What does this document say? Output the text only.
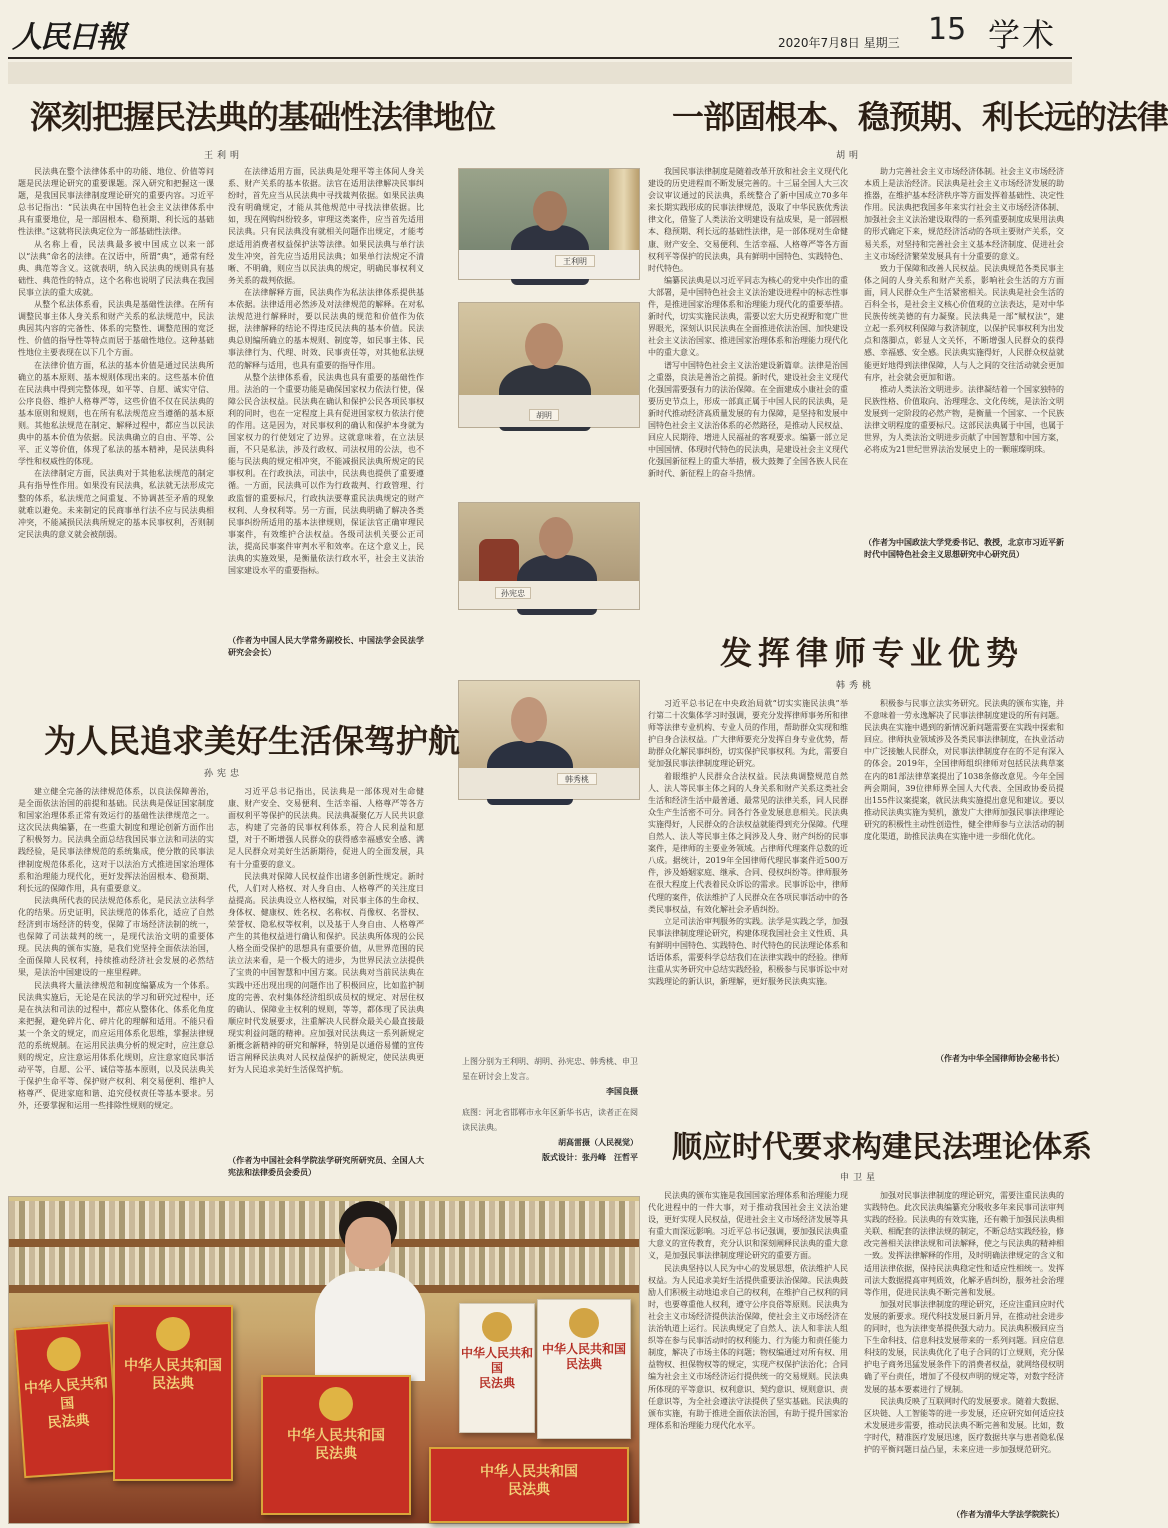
人民日報	2020年7月8日 星期三 15 学术
深刻把握民法典的基础性法律地位
王利明

民法典在整个法律体系中的功能、地位、价值等问题是民法理论研究的重要课题。深入研究和把握这一课题，是我国民事法律制度理论研究的重要内容。习近平总书记指出：“民法典在中国特色社会主义法律体系中具有重要地位，是一部固根本、稳预期、利长远的基础性法律。”这就将民法典定位为一部基础性法律。

从名称上看，民法典最多被中国成立以来一部以“法典”命名的法律。在汉语中，所谓“典”，通常有经典、典范等含义。这就表明，纳入民法典的规则具有基础性、典范性的特点，这个名称也说明了民法典在我国民事立法的重大成就。

从整个私法体系看，民法典是基础性法律。在所有调整民事主体人身关系和财产关系的私法规范中，民法典因其内容的完备性、体系的完整性、调整范围的宽泛性、价值的指导性等特点而居于基础性地位。这种基础性地位主要表现在以下几个方面。

在法律价值方面，私法的基本价值是通过民法典所确立的基本原则、基本规则体现出来的。这些基本价值在民法典中得到完整体现，如平等、自愿、诚实守信、公序良俗、维护人格尊严等，这些价值不仅在民法典的基本原则和规则，也在所有私法规范应当遵循的基本原则。其他私法规范在制定、解释过程中，都应当以民法典中的基本价值为依据。民法典确立的自由、平等、公平、正义等价值，体现了私法的基本精神，是民法典科学性和权威性的体现。

在法律制定方面，民法典对于其他私法规范的制定具有指导性作用。如果没有民法典，私法就无法形成完整的体系，私法规范之间重复、不协调甚至矛盾的现象就难以避免。未来制定的民商事单行法不应与民法典相冲突，不能减损民法典所规定的基本民事权利，否则制定民法典的意义就会被削弱。

在法律适用方面，民法典是处理平等主体间人身关系、财产关系的基本依据。法官在适用法律解决民事纠纷时，首先应当从民法典中寻找裁判依据。如果民法典没有明确规定，才能从其他规范中寻找法律依据。比如，现在网购纠纷较多，审理这类案件，应当首先适用民法典。只有民法典没有就相关问题作出规定，才能考虑适用消费者权益保护法等法律。如果民法典与单行法发生冲突，首先应当适用民法典；如果单行法规定不清晰、不明确，则应当以民法典的规定，明确民事权利义务关系的裁判依据。

在法律解释方面，民法典作为私法法律体系提供基本依据。法律适用必然涉及对法律规范的解释。在对私法规范进行解释时，要以民法典的规范和价值作为依据，法律解释的结论不得违反民法典的基本价值。民法典总则编所确立的基本规则、制度等，如民事主体、民事法律行为、代理、时效、民事责任等，对其他私法规范的解释与适用，也具有重要的指导作用。

从整个法律体系看，民法典也具有重要的基础性作用。法治的一个重要功能是确保国家权力依法行使，保障公民合法权益。民法典在确认和保护公民各项民事权利的同时，也在一定程度上具有促进国家权力依法行使的作用。这是因为，对民事权利的确认和保护本身就为国家权力的行使划定了边界。这就意味着，在立法层面，不只是私法，涉及行政权、司法权用的公法，也不能与民法典的规定相冲突，不能减损民法典所规定的民事权利。在行政执法，司法中，民法典也提供了重要遵循。一方面，民法典可以作为行政裁判、行政管理、行政监督的重要标尺，行政执法要尊重民法典规定的财产权利、人身权利等。另一方面，民法典明确了解决各类民事纠纷所适用的基本法律规则，保证法官正确审理民事案件，有效维护合法权益。各级司法机关要公正司法，提高民事案件审判水平和效率。在这个意义上，民法典的实施效果，是衡量依法行政水平，社会主义法治国家建设水平的重要指标。

（作者为中国人民大学常务副校长、中国法学会民法学研究会会长）

王利明
胡明
孙宪忠
韩秀桃
上图分别为王利明、胡明、孙宪忠、韩秀桃、申卫星在研讨会上发言。
李国良摄
底图：河北省邯郸市永年区新华书店，读者正在阅读民法典。
胡高雷摄（人民视觉）
版式设计：张丹峰　汪哲平
一部固根本、稳预期、利长远的法律
胡明

我国民事法律制度是随着改革开放和社会主义现代化建设的历史进程而不断发展完善的。十三届全国人大三次会议审议通过的民法典，系统整合了新中国成立70多年来长期实践形成的民事法律规范，汲取了中华民族优秀法律文化，借鉴了人类法治文明建设有益成果，是一部固根本、稳预期、利长远的基础性法律，是一部体现对生命健康、财产安全、交易便利、生活幸福、人格尊严等各方面权利平等保护的民法典，具有鲜明中国特色、实践特色、时代特色。

编纂民法典是以习近平同志为核心的党中央作出的重大部署，是中国特色社会主义法治建设进程中的标志性事件，是推进国家治理体系和治理能力现代化的重要举措。新时代，切实实施民法典，需要以宏大历史视野和宽广世界眼光，深刻认识民法典在全面推进依法治国、加快建设社会主义法治国家、推进国家治理体系和治理能力现代化中的重大意义。

谱写中国特色社会主义法治建设新篇章。法律是治国之重器，良法是善治之前提。新时代，建设社会主义现代化强国需要强有力的法治保障。在全面建成小康社会的重要历史节点上，形成一部真正属于中国人民的民法典，是新时代推动经济高质量发展的有力保障，是坚持和发展中国特色社会主义法治体系的必然路径，是推动人民权益、回应人民期待、增进人民福祉的客观要求。编纂一部立足中国国情、体现时代特色的民法典，是建设社会主义现代化强国新征程上的重大举措，极大鼓舞了全国各族人民在新时代、新征程上的奋斗热情。

助力完善社会主义市场经济体制。社会主义市场经济本质上是法治经济。民法典是社会主义市场经济发展的助推器，在维护基本经济秩序等方面发挥着基础性、决定性作用。民法典把我国多年来实行社会主义市场经济体制、加强社会主义法治建设取得的一系列重要制度成果用法典的形式确定下来，规范经济活动的各项主要财产关系，交易关系，对坚持和完善社会主义基本经济制度、促进社会主义市场经济繁荣发展具有十分重要的意义。

致力于保障和改善人民权益。民法典规范各类民事主体之间的人身关系和财产关系，影响社会生活的方方面面，同人民群众生产生活紧密相关。民法典是社会生活的百科全书，是社会主义核心价值观的立法表达，是对中华民族传统美德的有力凝聚。民法典是一部“赋权法”，建立起一系列权利保障与救济制度，以保护民事权利为出发点和落脚点，彰显人文关怀，不断增强人民群众的获得感、幸福感、安全感。民法典实施得好，人民群众权益就能更好地得到法律保障，人与人之间的交往活动就会更加有序，社会就会更加和谐。

推动人类法治文明进步。法律凝结着一个国家独特的民族性格、价值取向、治理理念、文化传统，是法治文明发展到一定阶段的必然产物，是衡量一个国家、一个民族法律文明程度的重要标尺。这部民法典属于中国，也属于世界，为人类法治文明进步贡献了中国智慧和中国方案，必将成为21世纪世界法治发展史上的一颗璀璨明珠。

（作者为中国政法大学党委书记、教授，北京市习近平新时代中国特色社会主义思想研究中心研究员）

为人民追求美好生活保驾护航
孙宪忠

建立健全完备的法律规范体系，以良法保障善治，是全面依法治国的前提和基础。民法典是保证国家制度和国家治理体系正常有效运行的基础性法律规范之一。这次民法典编纂，在一些重大制度和理论创新方面作出了积极努力。民法典全面总结我国民事立法和司法的实践经验，是民事法律规范的系统集成，使分散的民事法律制度规范体系化，这对于以法治方式推进国家治理体系和治理能力现代化，更好发挥法治固根本、稳预期、利长远的保障作用，具有重要意义。

民法典所代表的民法规范体系化，是民法立法科学化的结果。历史证明，民法规范的体系化，适应了自然经济到市场经济的转变，保障了市场经济法制的统一，也保障了司法裁判的统一，是现代法治文明的重要体现。民法典的颁布实施，是我们党坚持全面依法治国，全面保障人民权利，持续推动经济社会发展的必然结果，是法治中国建设的一座里程碑。

民法典将大量法律规范和制度编纂成为一个体系。民法典实施后，无论是在民法的学习和研究过程中，还是在执法和司法的过程中，都应从整体化、体系化角度来把握，避免碎片化、碎片化的理解和适用。不能只看某一个条文的规定，而应运用体系化思维，掌握法律规范的系统规制。在运用民法典分析的规定时，应注意总则的规定，应注意运用体系化规则，应注意家庭民事活动平等，自愿、公平、诚信等基本原则，以及民法典关于保护生命平等、保护财产权利、利交易便利、维护人格尊严、促进家庭和谐、追究侵权责任等基本要求。另外，还要掌握和运用一些排除性规则的规定。

习近平总书记指出，民法典是一部体现对生命健康、财产安全、交易便利、生活幸福、人格尊严等各方面权利平等保护的民法典。民法典凝聚亿万人民共识意志，构建了完备的民事权利体系，符合人民利益和愿望，对于不断增强人民群众的获得感幸福感安全感、满足人民群众对美好生活新期待，促进人的全面发展，具有十分重要的意义。

民法典对保障人民权益作出诸多创新性规定。新时代，人们对人格权、对人身自由、人格尊严的关注度日益提高。民法典设立人格权编，对民事主体的生命权、身体权、健康权、姓名权、名称权、肖像权、名誉权、荣誉权、隐私权等权利，以及基于人身自由、人格尊严产生的其他权益进行确认和保护。民法典所体现的公民人格全面受保护的思想具有重要价值，从世界范围的民法立法来看，是一个极大的进步，为世界民法立法提供了宝贵的中国智慧和中国方案。民法典对当前民法典在实践中还出现出现的问题作出了积极回应，比如监护制度的完善、农村集体经济组织成员权的规定、对居住权的确认、保障业主权利的规则，等等，都体现了民法典顺应时代发展要求，注重解决人民群众最关心最直接最现实利益问题的精神。应加强对民法典这一系列新规定新概念新精神的研究和解释，特别是以通俗易懂的宣传语言阐释民法典对人民权益保护的新规定，使民法典更好为人民追求美好生活保驾护航。

（作者为中国社会科学院法学研究所研究员、全国人大宪法和法律委员会委员）

发挥律师专业优势
韩秀桃

习近平总书记在中央政治局就“切实实施民法典”举行第二十次集体学习时强调，要充分发挥律师事务所和律师等法律专业机构、专业人员的作用，帮助群众实现和维护自身合法权益。广大律师要充分发挥自身专业优势，帮助群众化解民事纠纷，切实保护民事权利。为此，需要自觉加强民事法律制度理论研究。

着眼维护人民群众合法权益。民法典调整规范自然人、法人等民事主体之间的人身关系和财产关系这类社会生活和经济生活中最普通、最常见的法律关系，同人民群众生产生活密不可分。同各行各业发展息息相关。民法典实施得好，人民群众的合法权益就能得到充分保障。代理自然人、法人等民事主体之间涉及人身、财产纠纷的民事案件，是律师的主要业务领域。占律师代理案件总数的近八成。据统计，2019年全国律师代理民事案件近500万件，涉及婚姻家庭、继承、合同、侵权纠纷等。律师服务在很大程度上代表着民众诉讼的需求。民事诉讼中，律师代理的案件，依法维护了人民群众在各项民事活动中的各类民事权益，有效化解社会矛盾纠纷。

立足司法治审判服务的实践。法学是实践之学，加强民事法律制度理论研究，构建体现我国社会主义性质、具有鲜明中国特色、实践特色、时代特色的民法理论体系和话语体系，需要科学总结我们在法律实践中的经验。律师注重从实务研究中总结实践经验，积极参与民事诉讼中对实践理论的新认识，新理解，更好服务民法典实施。

积极参与民事立法实务研究。民法典的颁布实施，并不意味着一劳永逸解决了民事法律制度建设的所有问题。民法典在实施中遇到的新情况新问题需要在实践中探索和回应。律师执业领域涉及各类民事法律制度，在执业活动中广泛接触人民群众，对民事法律制度存在的不足有深入的体会。2019年，全国律师组织律师对包括民法典草案在内的81部法律草案提出了1038条修改意见。今年全国两会期间，39位律师界全国人大代表、全国政协委员提出155件议案提案，就民法典实施提出意见和建议。要以推动民法典实施为契机，激发广大律师加强民事法律理论研究的积极性主动性创造性，健全律师参与立法活动的制度化渠道，助推民法典在实施中进一步细化优化。

（作者为中华全国律师协会秘书长）

顺应时代要求构建民法理论体系
申卫星

民法典的颁布实施是我国国家治理体系和治理能力现代化进程中的一件大事，对于推动我国社会主义法治建设，更好实现人民权益，促进社会主义市场经济发展等具有重大而深远影响。习近平总书记强调，要加强民法典重大意义的宣传教育，充分认识和深刻阐释民法典的重大意义，是加强民事法律制度理论研究的重要方面。

民法典坚持以人民为中心的发展思想，依法维护人民权益。为人民追求美好生活提供重要法治保障。民法典鼓励人们积极主动地追求自己的权利，在维护自己权利的同时，也要尊重他人权利，遵守公序良俗等原则。民法典为社会主义市场经济提供法治保障，使社会主义市场经济在法治轨道上运行。民法典规定了自然人、法人和非法人组织等在参与民事活动时的权利能力、行为能力和责任能力制度，解决了市场主体的问题；物权编通过对所有权、用益物权、担保物权等的规定，实现产权保护法治化；合同编为社会主义市场经济运行提供统一的交易规则。民法典所体现的平等意识、权利意识、契约意识、规则意识、责任意识等，为全社会遵法守法提供了坚实基础。民法典的颁布实施，有助于推进全面依法治国，有助于提升国家治理体系和治理能力现代化水平。

加强对民事法律制度的理论研究，需要注重民法典的实践特色。此次民法典编纂充分吸收多年来民事司法审判实践的经验。民法典的有效实施，还有赖于加强民法典相关联、相配套的法律法规的制定，不断总结实践经验，修改完善相关法律法规和司法解释，使之与民法典的精神相一致。发挥法律解释的作用，及时明确法律规定的含义和适用法律依据，保持民法典稳定性和适应性相统一。发挥司法大数据提高审判质效，化解矛盾纠纷，服务社会治理等作用，促进民法典不断完善和发展。

加强对民事法律制度的理论研究，还应注重回应时代发展的新要求。现代科技发展日新月异，在推动社会进步的同时，也为法律变革提供强大动力。民法典积极回应当下生命科技、信息科技发展带来的一系列问题。回应信息科技的发展，民法典优化了电子合同的订立规则，充分保护电子商务迅猛发展条件下的消费者权益，就网络侵权明确了平台责任，增加了不侵权声明的规定等，对数字经济发展的基本要素进行了规制。

民法典反映了互联网时代的发展要求。随着大数据、区块链、人工智能等的进一步发展，还应研究如何适应技术发展进步需要，推动民法典不断完善和发展。比如，数字时代，精准医疗发展迅速，医疗数据共享与患者隐私保护的平衡问题日益凸显，未来应进一步加强规范研究。

（作者为清华大学法学院院长）

中华人民共和国
民法典
中华人民共和国
民法典
中华人民共和国
民法典
中华人民共和国
民法典
中华人民共和国
民法典
中华人民共和国
民法典
